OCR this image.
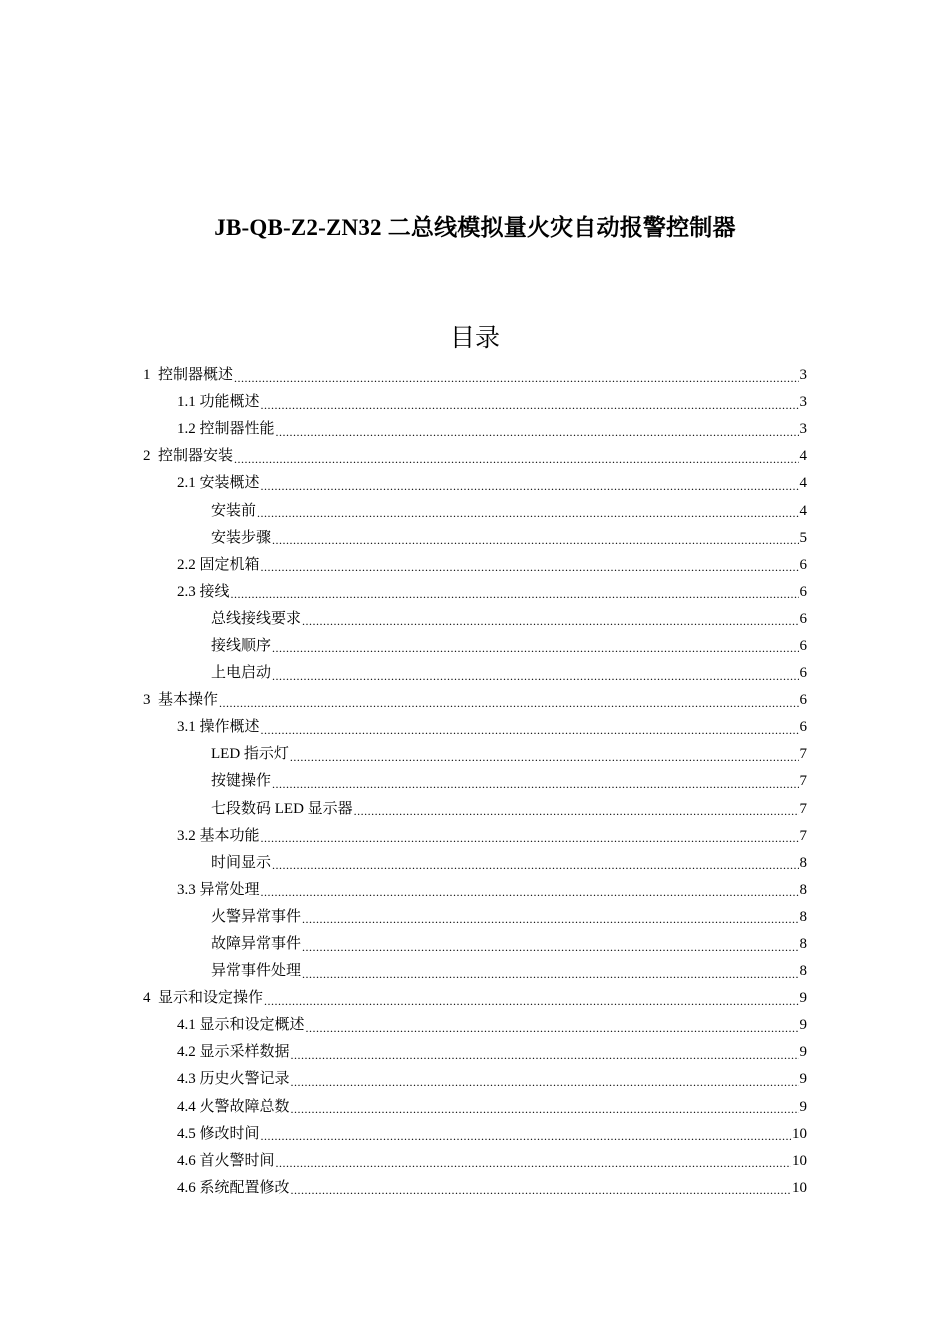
JB-QB-Z2-ZN32 二总线模拟量火灾自动报警控制器
目录
1 控制器概述 .....	3
1.1 功能概述 .....	3
1.2 控制器性能 .....	3
2 控制器安装 .....	4
2.1 安装概述 .....	4
安装前 .....	4
安装步骤 .....	5
2.2 固定机箱 .....	6
2.3 接线 .....	6
总线接线要求 .....	6
接线顺序 .....	6
上电启动 .....	6
3 基本操作 .....	6
3.1 操作概述 .....	6
LED 指示灯 .....	7
按键操作 .....	7
七段数码 LED 显示器 .....	7
3.2 基本功能 .....	7
时间显示 .....	8
3.3 异常处理 .....	8
火警异常事件 .....	8
故障异常事件 .....	8
异常事件处理 .....	8
4 显示和设定操作 .....	9
4.1 显示和设定概述 .....	9
4.2 显示采样数据 .....	9
4.3 历史火警记录 .....	9
4.4 火警故障总数 .....	9
4.5 修改时间 .....	10
4.6 首火警时间 .....	10
4.6 系统配置修改 .....	10
